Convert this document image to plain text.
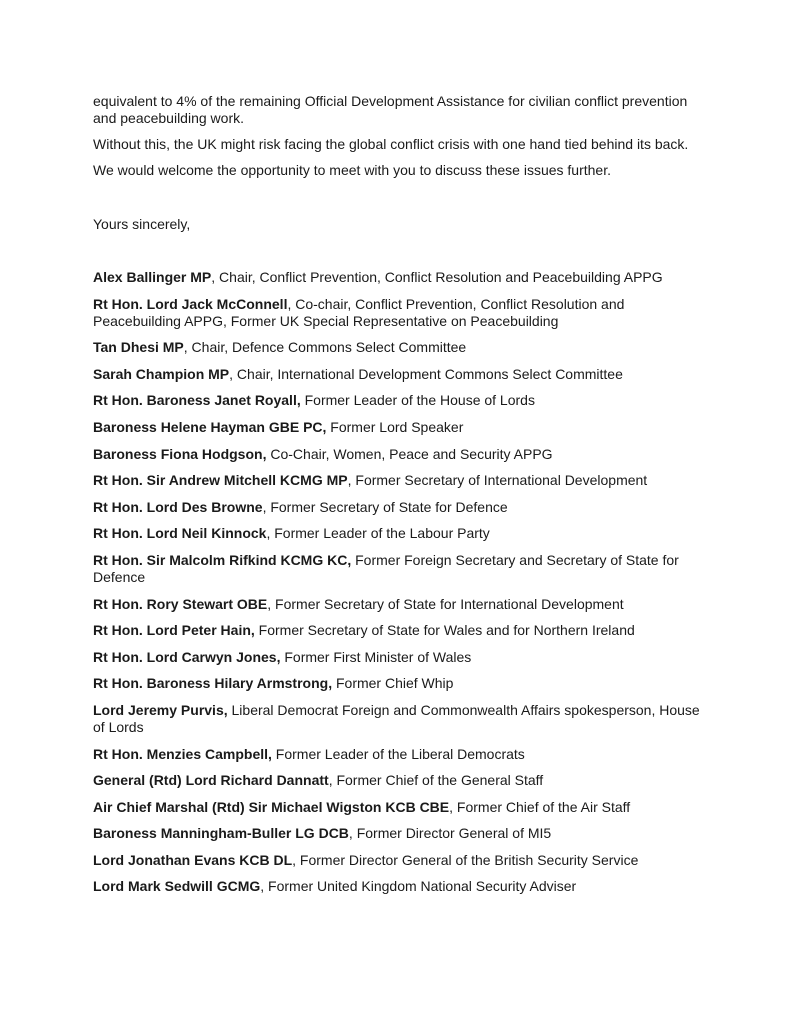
equivalent to 4% of the remaining Official Development Assistance for civilian conflict prevention and peacebuilding work.

Without this, the UK might risk facing the global conflict crisis with one hand tied behind its back.

We would welcome the opportunity to meet with you to discuss these issues further.

Yours sincerely,

Alex Ballinger MP, Chair, Conflict Prevention, Conflict Resolution and Peacebuilding APPG

Rt Hon. Lord Jack McConnell, Co-chair, Conflict Prevention, Conflict Resolution and Peacebuilding APPG, Former UK Special Representative on Peacebuilding

Tan Dhesi MP, Chair, Defence Commons Select Committee

Sarah Champion MP, Chair, International Development Commons Select Committee

Rt Hon. Baroness Janet Royall, Former Leader of the House of Lords

Baroness Helene Hayman GBE PC, Former Lord Speaker

Baroness Fiona Hodgson, Co-Chair, Women, Peace and Security APPG

Rt Hon. Sir Andrew Mitchell KCMG MP, Former Secretary of International Development

Rt Hon. Lord Des Browne, Former Secretary of State for Defence

Rt Hon. Lord Neil Kinnock, Former Leader of the Labour Party

Rt Hon. Sir Malcolm Rifkind KCMG KC, Former Foreign Secretary and Secretary of State for Defence

Rt Hon. Rory Stewart OBE, Former Secretary of State for International Development

Rt Hon. Lord Peter Hain, Former Secretary of State for Wales and for Northern Ireland

Rt Hon. Lord Carwyn Jones, Former First Minister of Wales

Rt Hon. Baroness Hilary Armstrong, Former Chief Whip

Lord Jeremy Purvis, Liberal Democrat Foreign and Commonwealth Affairs spokesperson, House of Lords

Rt Hon. Menzies Campbell, Former Leader of the Liberal Democrats

General (Rtd) Lord Richard Dannatt, Former Chief of the General Staff

Air Chief Marshal (Rtd) Sir Michael Wigston KCB CBE, Former Chief of the Air Staff

Baroness Manningham-Buller LG DCB, Former Director General of MI5

Lord Jonathan Evans KCB DL, Former Director General of the British Security Service

Lord Mark Sedwill GCMG, Former United Kingdom National Security Adviser
